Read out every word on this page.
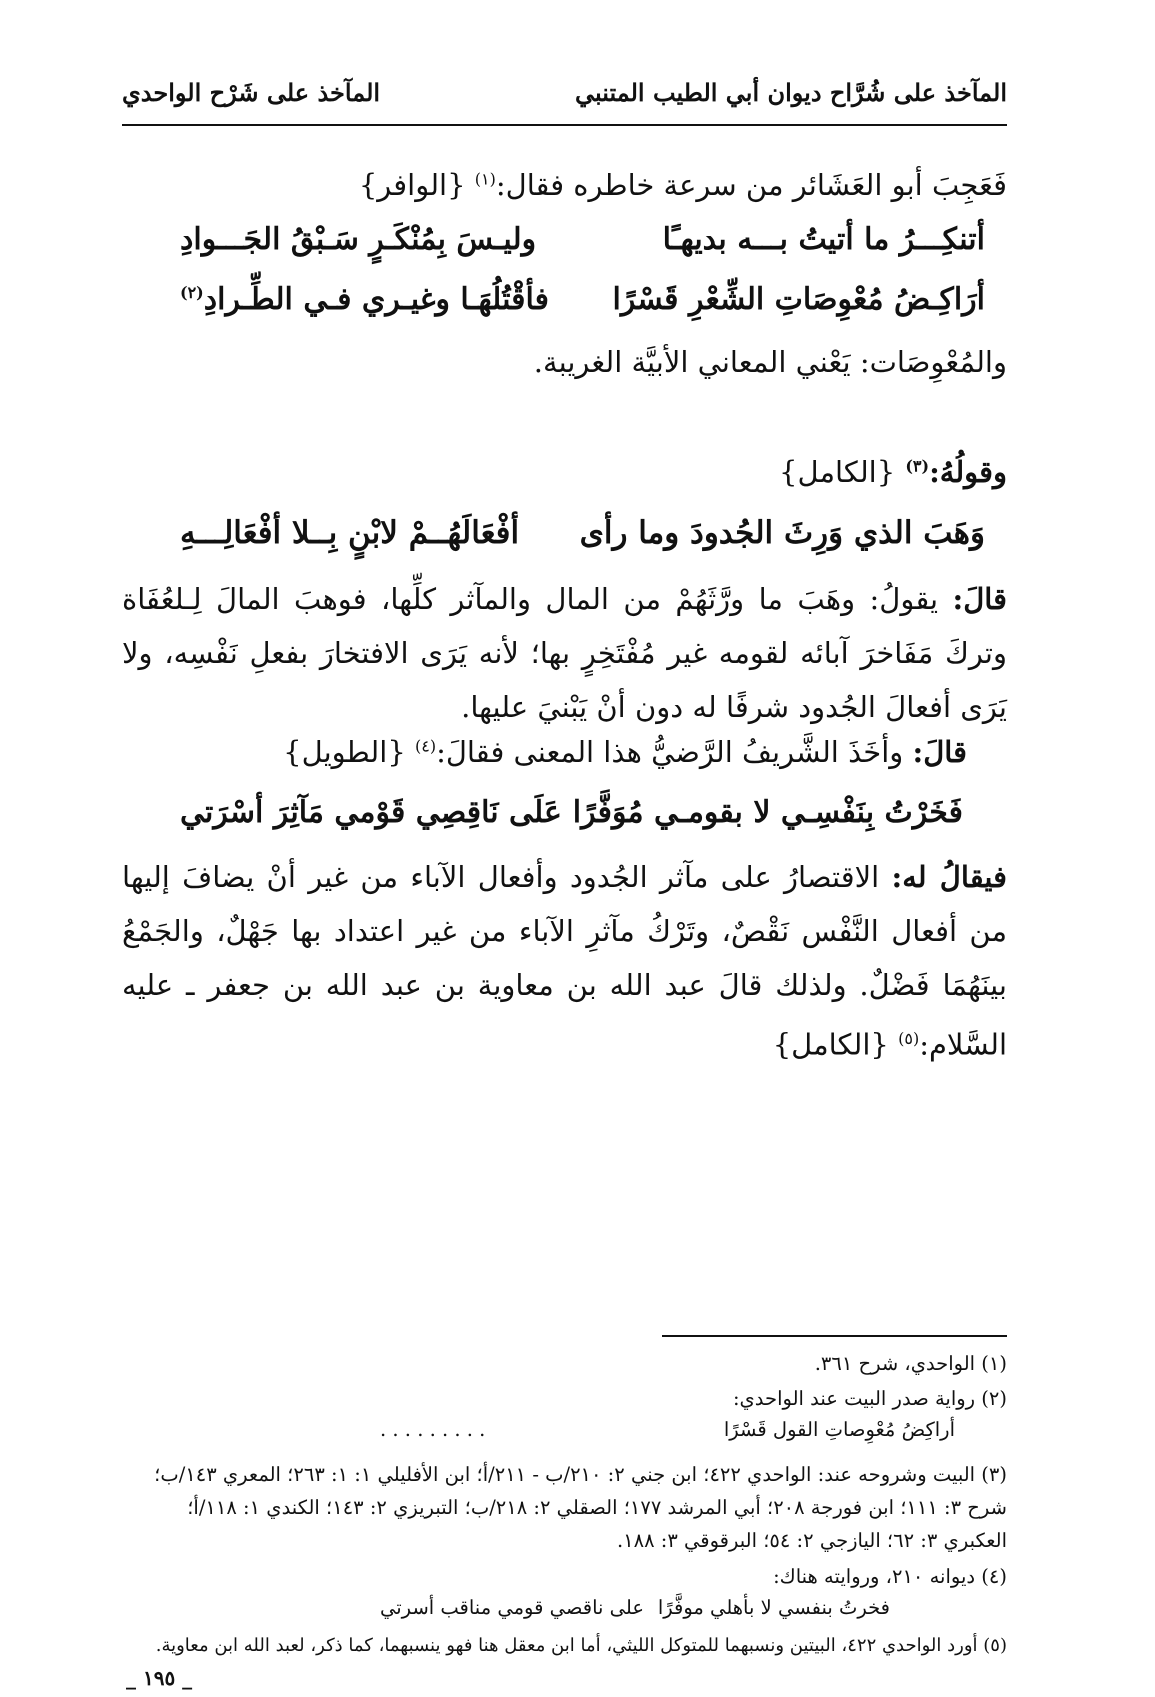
المآخذ على شُرَّاح ديوان أبي الطيب المتنبي
المآخذ على شَرْح الواحدي
فَعَجِبَ أبو العَشَائر من سرعة خاطره فقال:$^{(١)}$ {الوافر}
أتنكِـــرُ ما أتيتُ بـــه بديهـًا
وليـسَ بِمُنْكَـرٍ سَـبْقُ الجَـــوادِ
أرَاكِـضُ مُعْوِصَاتِ الشِّعْرِ قَسْرًا
فأقْتُلُهَـا وغيـري فـي الطِّـرادِ$^{(٢)}$
والمُعْوِصَات: يَعْني المعاني الأبيَّة الغريبة.
وقولُهُ:$^{(٣)}$ {الكامل}
وَهَبَ الذي وَرِثَ الجُدودَ وما رأى
أفْعَالَهُــمْ لابْنٍ بِــلا أفْعَالِـــهِ
قالَ: يقولُ: وهَبَ ما ورَّثَهُمْ من المال والمآثر كلِّها، فوهبَ المالَ لِـلعُفَاة وتركَ مَفَاخرَ آبائه لقومه غير مُفْتَخِرٍ بها؛ لأنه يَرَى الافتخارَ بفعلِ نَفْسِه، ولا يَرَى أفعالَ الجُدود شرفًا له دون أنْ يَبْنيَ عليها.
قالَ: وأخَذَ الشَّريفُ الرَّضيُّ هذا المعنى فقالَ:$^{(٤)}$ {الطويل}
فَخَرْتُ بِنَفْسِـي لا بقومـي مُوَفَّرًا
عَلَى نَاقِصِي قَوْمي مَآثِرَ أسْرَتي
فيقالُ له: الاقتصارُ على مآثر الجُدود وأفعال الآباء من غير أنْ يضافَ إليها من أفعال النَّفْس نَقْصٌ، وتَرْكُ مآثرِ الآباء من غير اعتداد بها جَهْلٌ، والجَمْعُ بينَهُمَا فَضْلٌ. ولذلك قالَ عبد الله بن معاوية بن عبد الله بن جعفر ـ عليه السَّلام:$^{(٥)}$ {الكامل}
(١) الواحدي، شرح ٣٦١.
(٢) رواية صدر البيت عند الواحدي:
أراكِضُ مُعْوِصاتِ القول قَسْرًا
. . . . . . . . .
(٣) البيت وشروحه عند: الواحدي ٤٢٢؛ ابن جني ٢: ٢١٠/ب - ٢١١/أ؛ ابن الأفليلي ١: ١: ٢٦٣؛ المعري ١٤٣/ب؛ شرح ٣: ١١١؛ ابن فورجة ٢٠٨؛ أبي المرشد ١٧٧؛ الصقلي ٢: ٢١٨/ب؛ التبريزي ٢: ١٤٣؛ الكندي ١: ١١٨/أ؛ العكبري ٣: ٦٢؛ اليازجي ٢: ٥٤؛ البرقوقي ٣: ١٨٨.
(٤) ديوانه ٢١٠، وروايته هناك:
فخرتُ بنفسي لا بأهلي موفَّرًا
على ناقصي قومي مناقب أسرتي
(٥) أورد الواحدي ٤٢٢، البيتين ونسبهما للمتوكل الليثي، أما ابن معقل هنا فهو ينسبهما، كما ذكر، لعبد الله ابن معاوية.
_ ١٩٥ _
